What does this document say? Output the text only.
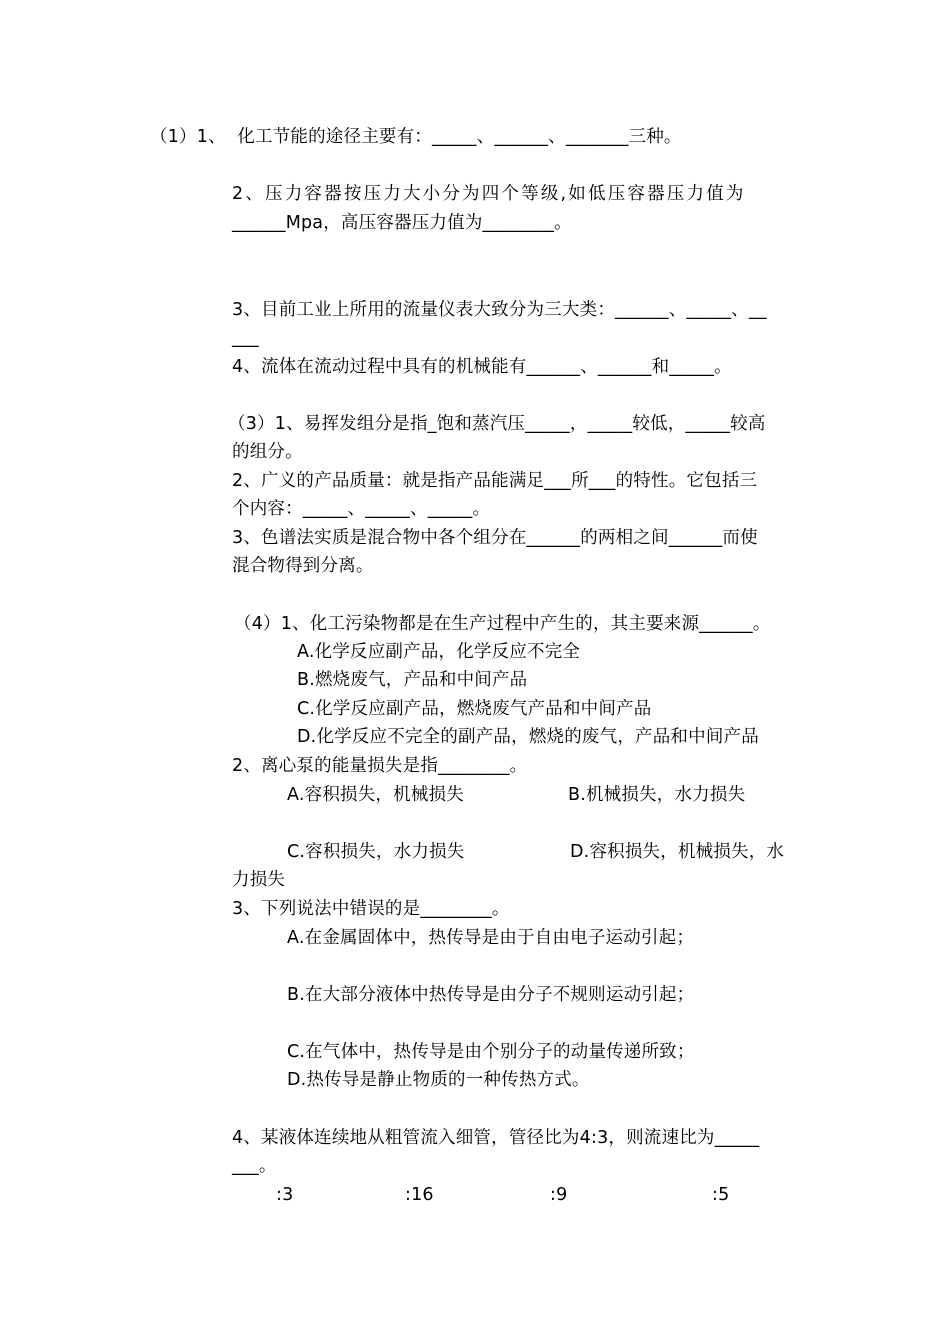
（1）1、  化工节能的途径主要有：_____、______、_______三种。
2、压力容器按压力大小分为四个等级,如低压容器压力值为
______Mpa，高压容器压力值为________。
3、目前工业上所用的流量仪表大致分为三大类：______、_____、__
___
4、流体在流动过程中具有的机械能有______、______和_____。
（3）1、易挥发组分是指_饱和蒸汽压_____，_____较低，_____较高
的组分。
2、广义的产品质量：就是指产品能满足___所___的特性。它包括三
个内容：_____、_____、_____。
3、色谱法实质是混合物中各个组分在______的两相之间______而使
混合物得到分离。
（4）1、化工污染物都是在生产过程中产生的，其主要来源______。
A.化学反应副产品，化学反应不完全
B.燃烧废气，产品和中间产品
C.化学反应副产品，燃烧废气产品和中间产品
D.化学反应不完全的副产品，燃烧的废气，产品和中间产品
2、离心泵的能量损失是指________。
A.容积损失，机械损失	B.机械损失，水力损失
C.容积损失，水力损失	D.容积损失，机械损失，水
力损失
3、下列说法中错误的是________。
A.在金属固体中，热传导是由于自由电子运动引起；
B.在大部分液体中热传导是由分子不规则运动引起；
C.在气体中，热传导是由个别分子的动量传递所致；
D.热传导是静止物质的一种传热方式。
4、某液体连续地从粗管流入细管，管径比为4:3，则流速比为_____
___。
:3	:16	:9	:5
